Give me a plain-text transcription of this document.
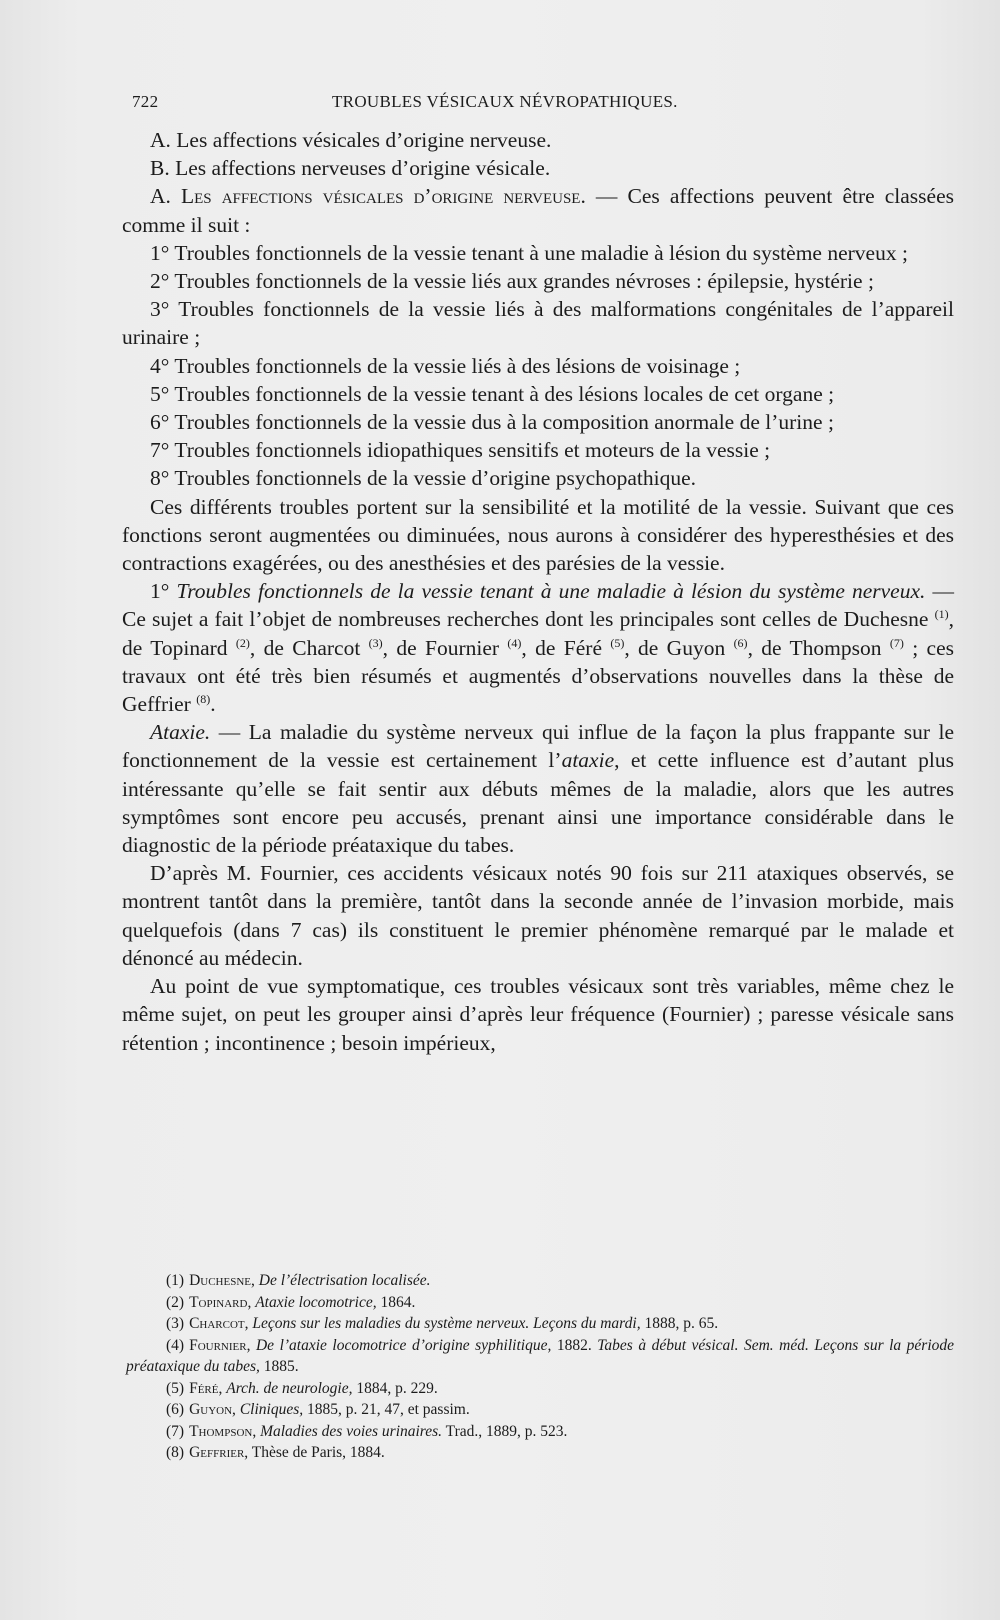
722	TROUBLES VÉSICAUX NÉVROPATHIQUES.

A. Les affections vésicales d’origine nerveuse.

B. Les affections nerveuses d’origine vésicale.

A. Les affections vésicales d’origine nerveuse. — Ces affections peuvent être classées comme il suit :

1° Troubles fonctionnels de la vessie tenant à une maladie à lésion du système nerveux ;

2° Troubles fonctionnels de la vessie liés aux grandes névroses : épilepsie, hystérie ;

3° Troubles fonctionnels de la vessie liés à des malformations congénitales de l’appareil urinaire ;

4° Troubles fonctionnels de la vessie liés à des lésions de voisinage ;

5° Troubles fonctionnels de la vessie tenant à des lésions locales de cet organe ;

6° Troubles fonctionnels de la vessie dus à la composition anormale de l’urine ;

7° Troubles fonctionnels idiopathiques sensitifs et moteurs de la vessie ;

8° Troubles fonctionnels de la vessie d’origine psychopathique.

Ces différents troubles portent sur la sensibilité et la motilité de la vessie. Suivant que ces fonctions seront augmentées ou diminuées, nous aurons à considérer des hyperesthésies et des contractions exagérées, ou des anesthésies et des parésies de la vessie.

1° Troubles fonctionnels de la vessie tenant à une maladie à lésion du système nerveux. — Ce sujet a fait l’objet de nombreuses recherches dont les principales sont celles de Duchesne $^{(1)}$, de Topinard $^{(2)}$, de Charcot $^{(3)}$, de Fournier $^{(4)}$, de Féré $^{(5)}$, de Guyon $^{(6)}$, de Thompson $^{(7)}$ ; ces travaux ont été très bien résumés et augmentés d’observations nouvelles dans la thèse de Geffrier $^{(8)}$.

Ataxie. — La maladie du système nerveux qui influe de la façon la plus frappante sur le fonctionnement de la vessie est certainement l’ataxie, et cette influence est d’autant plus intéressante qu’elle se fait sentir aux débuts mêmes de la maladie, alors que les autres symptômes sont encore peu accusés, prenant ainsi une importance considérable dans le diagnostic de la période préataxique du tabes.

D’après M. Fournier, ces accidents vésicaux notés 90 fois sur 211 ataxiques observés, se montrent tantôt dans la première, tantôt dans la seconde année de l’invasion morbide, mais quelquefois (dans 7 cas) ils constituent le premier phénomène remarqué par le malade et dénoncé au médecin.

Au point de vue symptomatique, ces troubles vésicaux sont très variables, même chez le même sujet, on peut les grouper ainsi d’après leur fréquence (Fournier) ; paresse vésicale sans rétention ; incontinence ; besoin impérieux,

(1) Duchesne, De l’électrisation localisée.

(2) Topinard, Ataxie locomotrice, 1864.

(3) Charcot, Leçons sur les maladies du système nerveux. Leçons du mardi, 1888, p. 65.

(4) Fournier, De l’ataxie locomotrice d’origine syphilitique, 1882. Tabes à début vésical. Sem. méd. Leçons sur la période préataxique du tabes, 1885.

(5) Féré, Arch. de neurologie, 1884, p. 229.

(6) Guyon, Cliniques, 1885, p. 21, 47, et passim.

(7) Thompson, Maladies des voies urinaires. Trad., 1889, p. 523.

(8) Geffrier, Thèse de Paris, 1884.
